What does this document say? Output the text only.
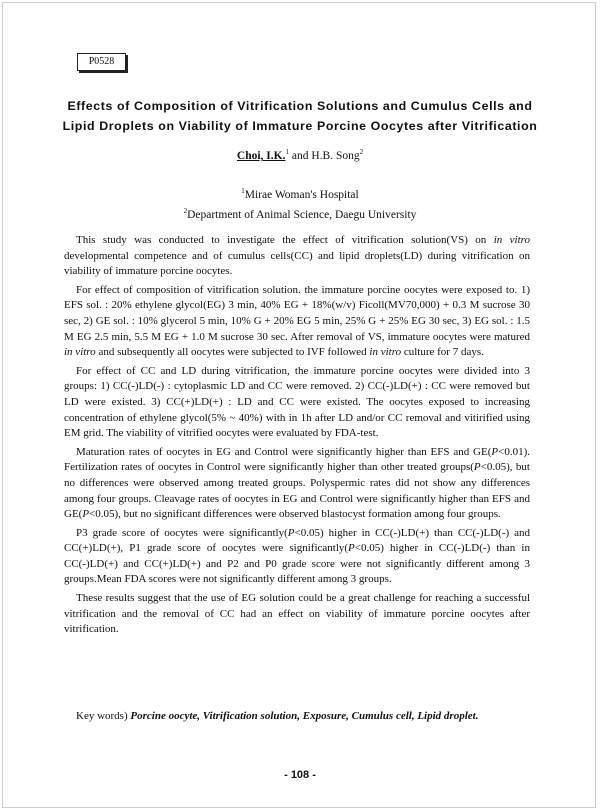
P0528
Effects of Composition of Vitrification Solutions and Cumulus Cells and
Lipid Droplets on Viability of Immature Porcine Oocytes after Vitrification
Choi, I.K.$^1$ and H.B. Song$^2$
$^1$Mirae Woman's Hospital
$^2$Department of Animal Science, Daegu University

This study was conducted to investigate the effect of vitrification solution(VS) on in vitro developmental competence and of cumulus cells(CC) and lipid droplets(LD) during vitrification on viability of immature porcine oocytes.

For effect of composition of vitrification solution. the immature porcine oocytes were exposed to. 1) EFS sol. : 20% ethylene glycol(EG) 3 min, 40% EG + 18%(w/v) Ficoll(MV70,000) + 0.3 M sucrose 30 sec, 2) GE sol. : 10% glycerol 5 min, 10% G + 20% EG 5 min, 25% G + 25% EG 30 sec, 3) EG sol. : 1.5 M EG 2.5 min, 5.5 M EG + 1.0 M sucrose 30 sec. After removal of VS, immature oocytes were matured in vitro and subsequently all oocytes were subjected to IVF followed in vitro culture for 7 days.

For effect of CC and LD during vitrification, the immature porcine oocytes were divided into 3 groups: 1) CC(-)LD(-) : cytoplasmic LD and CC were removed. 2) CC(-)LD(+) : CC were removed but LD were existed. 3) CC(+)LD(+) : LD and CC were existed. The oocytes exposed to increasing concentration of ethylene glycol(5% ~ 40%) with in 1h after LD and/or CC removal and vitirified using EM grid. The viability of vitrified oocytes were evaluated by FDA-test.

Maturation rates of oocytes in EG and Control were significantly higher than EFS and GE(P<0.01). Fertilization rates of oocytes in Control were significantly higher than other treated groups(P<0.05), but no differences were observed among treated groups. Polyspermic rates did not show any differences among four groups. Cleavage rates of oocytes in EG and Control were significantly higher than EFS and GE(P<0.05), but no significant differences were observed blastocyst formation among four groups.

P3 grade score of oocytes were significantly(P<0.05) higher in CC(-)LD(+) than CC(-)LD(-) and CC(+)LD(+), P1 grade score of oocytes were significantly(P<0.05) higher in CC(-)LD(-) than in CC(-)LD(+) and CC(+)LD(+) and P2 and P0 grade score were not significantly different among 3 groups.Mean FDA scores were not significantly different among 3 groups.

These results suggest that the use of EG solution could be a great challenge for reaching a successful vitrification and the removal of CC had an effect on viability of immature porcine oocytes after vitrification.

Key words) Porcine oocyte, Vitrification solution, Exposure, Cumulus cell, Lipid droplet.
- 108 -
